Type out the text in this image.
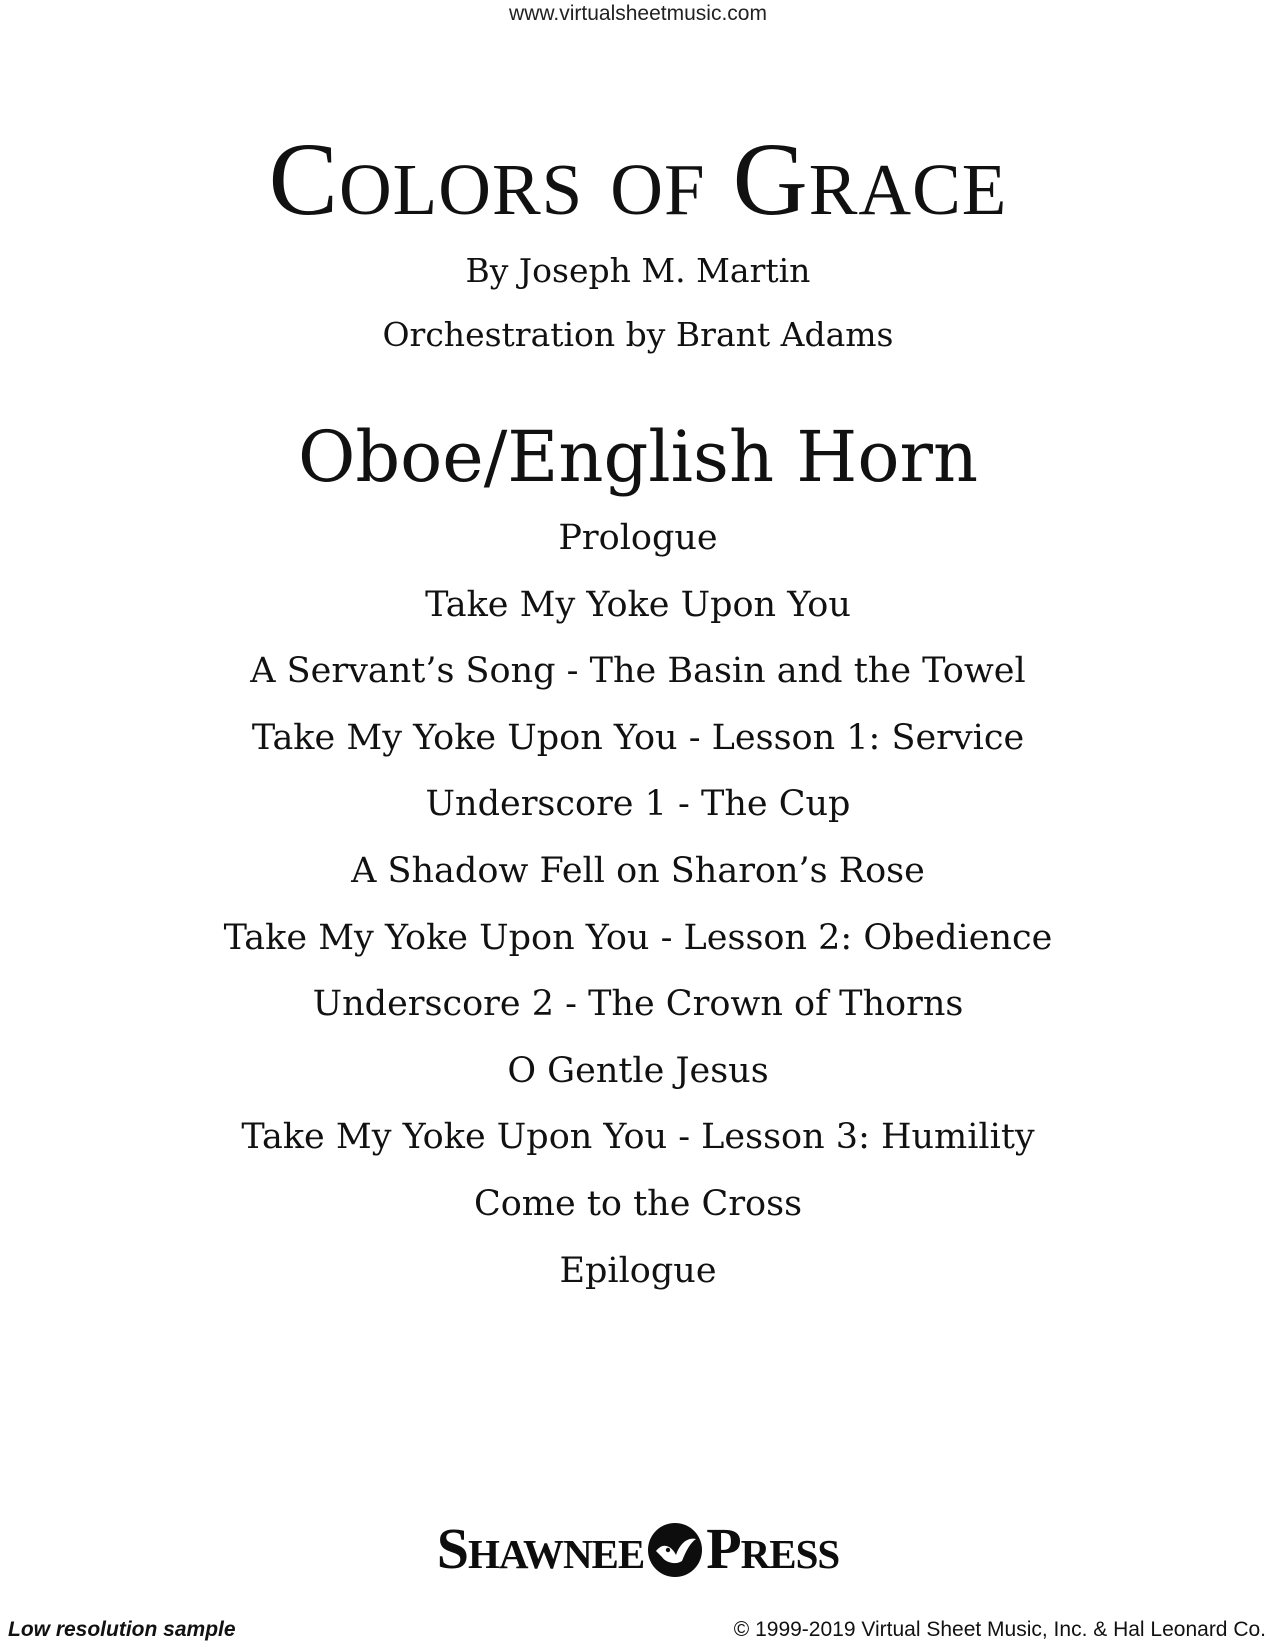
www.virtualsheetmusic.com
Colors of Grace
By Joseph M. Martin
Orchestration by Brant Adams
Oboe/English Horn
Prologue
Take My Yoke Upon You
A Servant’s Song - The Basin and the Towel
Take My Yoke Upon You - Lesson 1: Service
Underscore 1 - The Cup
A Shadow Fell on Sharon’s Rose
Take My Yoke Upon You - Lesson 2: Obedience
Underscore 2 - The Crown of Thorns
O Gentle Jesus
Take My Yoke Upon You - Lesson 3: Humility
Come to the Cross
Epilogue
Shawnee Press
Low resolution sample	© 1999-2019 Virtual Sheet Music, Inc. & Hal Leonard Co.
